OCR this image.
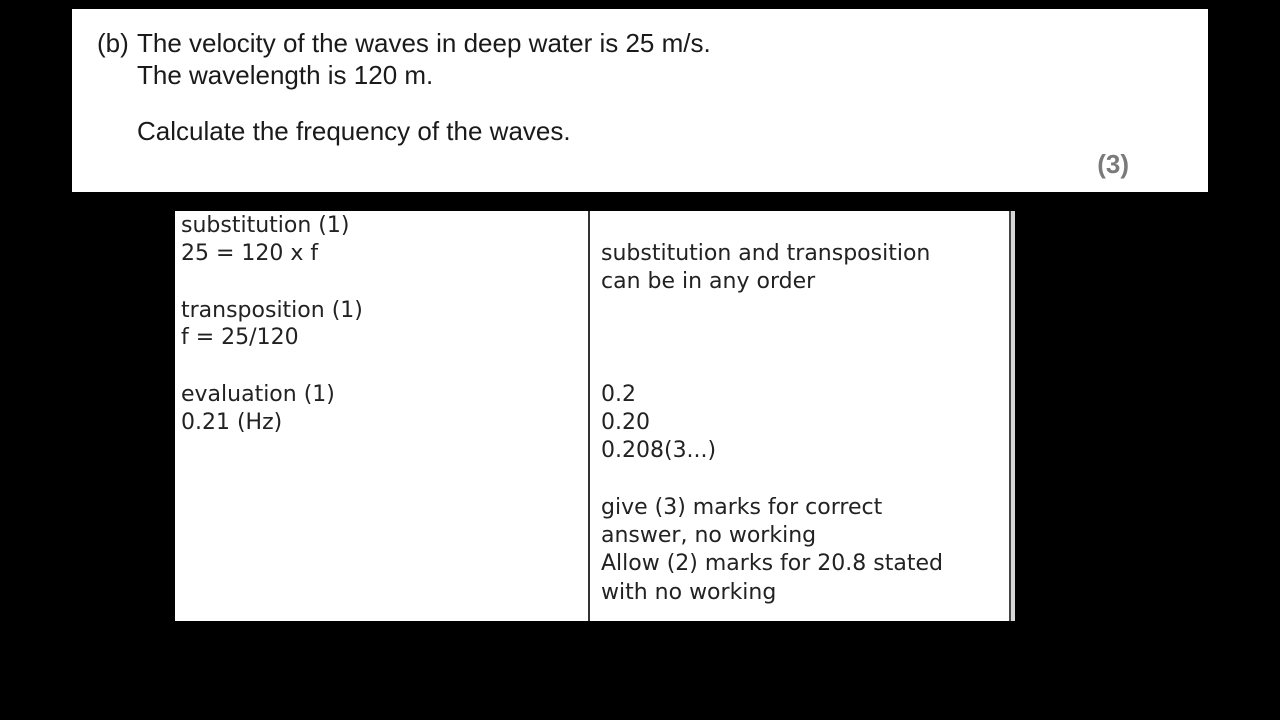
(b) The velocity of the waves in deep water is 25 m/s.
The wavelength is 120 m.
Calculate the frequency of the waves.
(3)
substitution (1)
25 = 120 x f
transposition (1)
f = 25/120
evaluation (1)
0.21 (Hz)
substitution and transposition
can be in any order
0.2
0.20
0.208(3...)
give (3) marks for correct
answer, no working
Allow (2) marks for 20.8 stated
with no working
